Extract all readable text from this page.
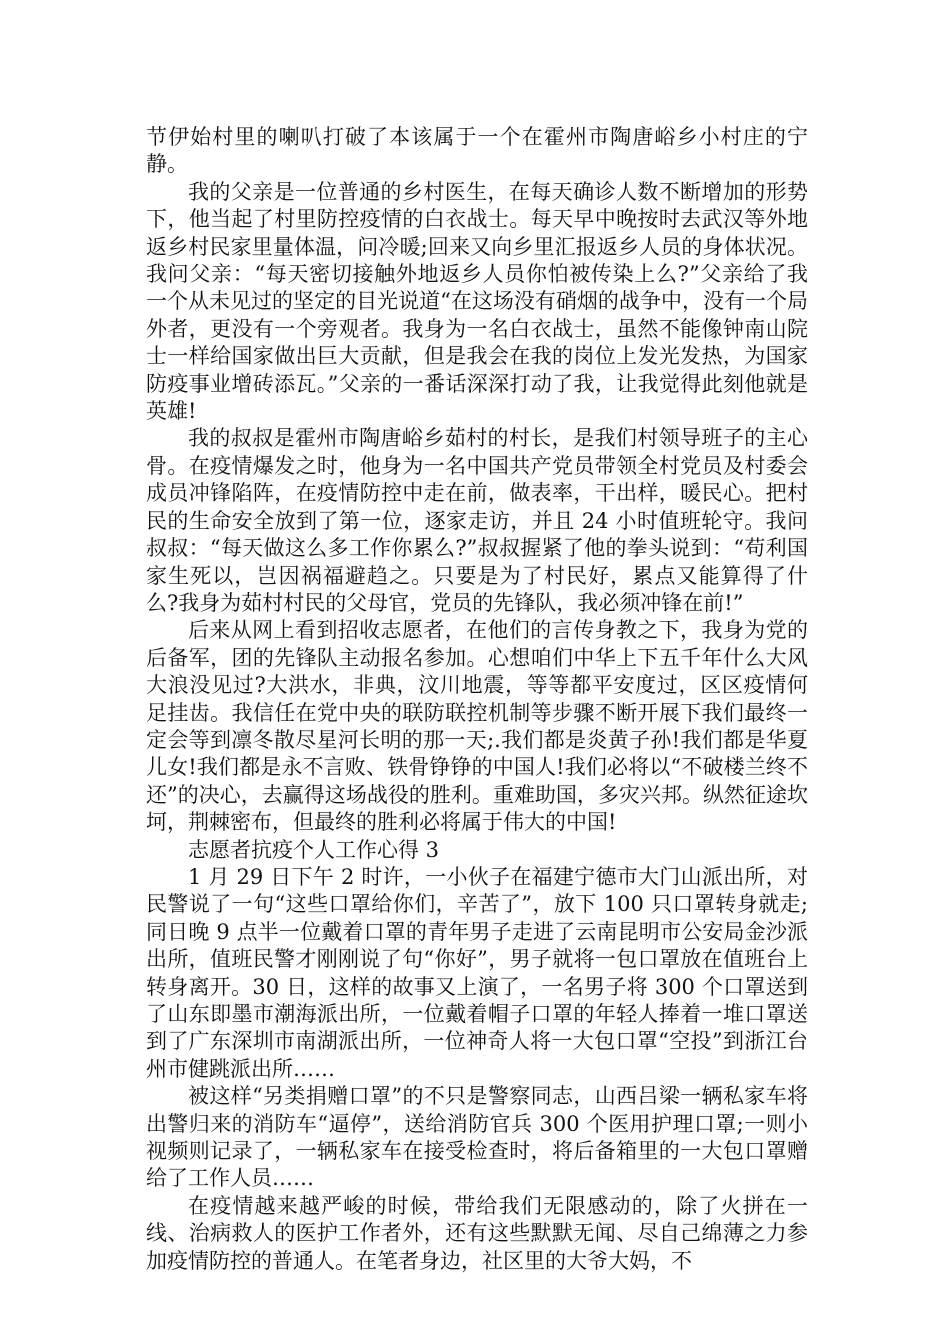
节伊始村里的喇叭打破了本该属于一个在霍州市陶唐峪乡小村庄的宁静。

我的父亲是一位普通的乡村医生，在每天确诊人数不断增加的形势下，他当起了村里防控疫情的白衣战士。每天早中晚按时去武汉等外地返乡村民家里量体温，问冷暖;回来又向乡里汇报返乡人员的身体状况。我问父亲：“每天密切接触外地返乡人员你怕被传染上么?”父亲给了我一个从未见过的坚定的目光说道“在这场没有硝烟的战争中，没有一个局外者，更没有一个旁观者。我身为一名白衣战士，虽然不能像钟南山院士一样给国家做出巨大贡献，但是我会在我的岗位上发光发热，为国家防疫事业增砖添瓦。”父亲的一番话深深打动了我，让我觉得此刻他就是英雄!

我的叔叔是霍州市陶唐峪乡茹村的村长，是我们村领导班子的主心骨。在疫情爆发之时，他身为一名中国共产党员带领全村党员及村委会成员冲锋陷阵，在疫情防控中走在前，做表率，干出样，暖民心。把村民的生命安全放到了第一位，逐家走访，并且 24 小时值班轮守。我问叔叔：“每天做这么多工作你累么?”叔叔握紧了他的拳头说到：“苟利国家生死以，岂因祸福避趋之。只要是为了村民好，累点又能算得了什么?我身为茹村村民的父母官，党员的先锋队，我必须冲锋在前!”

后来从网上看到招收志愿者，在他们的言传身教之下，我身为党的后备军，团的先锋队主动报名参加。心想咱们中华上下五千年什么大风大浪没见过?大洪水，非典，汶川地震，等等都平安度过，区区疫情何足挂齿。我信任在党中央的联防联控机制等步骤不断开展下我们最终一定会等到凛冬散尽星河长明的那一天;.我们都是炎黄子孙!我们都是华夏儿女!我们都是永不言败、铁骨铮铮的中国人!我们必将以“不破楼兰终不还”的决心，去赢得这场战役的胜利。重难助国，多灾兴邦。纵然征途坎坷，荆棘密布，但最终的胜利必将属于伟大的中国!

志愿者抗疫个人工作心得 3

1 月 29 日下午 2 时许，一小伙子在福建宁德市大门山派出所，对民警说了一句“这些口罩给你们，辛苦了”，放下 100 只口罩转身就走;同日晚 9 点半一位戴着口罩的青年男子走进了云南昆明市公安局金沙派出所，值班民警才刚刚说了句“你好”，男子就将一包口罩放在值班台上转身离开。30 日，这样的故事又上演了，一名男子将 300 个口罩送到了山东即墨市潮海派出所，一位戴着帽子口罩的年轻人捧着一堆口罩送到了广东深圳市南湖派出所，一位神奇人将一大包口罩“空投”到浙江台州市健跳派出所……

被这样“另类捐赠口罩”的不只是警察同志，山西吕梁一辆私家车将出警归来的消防车“逼停”，送给消防官兵 300 个医用护理口罩;一则小视频则记录了，一辆私家车在接受检查时，将后备箱里的一大包口罩赠给了工作人员……

在疫情越来越严峻的时候，带给我们无限感动的，除了火拼在一线、治病救人的医护工作者外，还有这些默默无闻、尽自己绵薄之力参加疫情防控的普通人。在笔者身边，社区里的大爷大妈，不
